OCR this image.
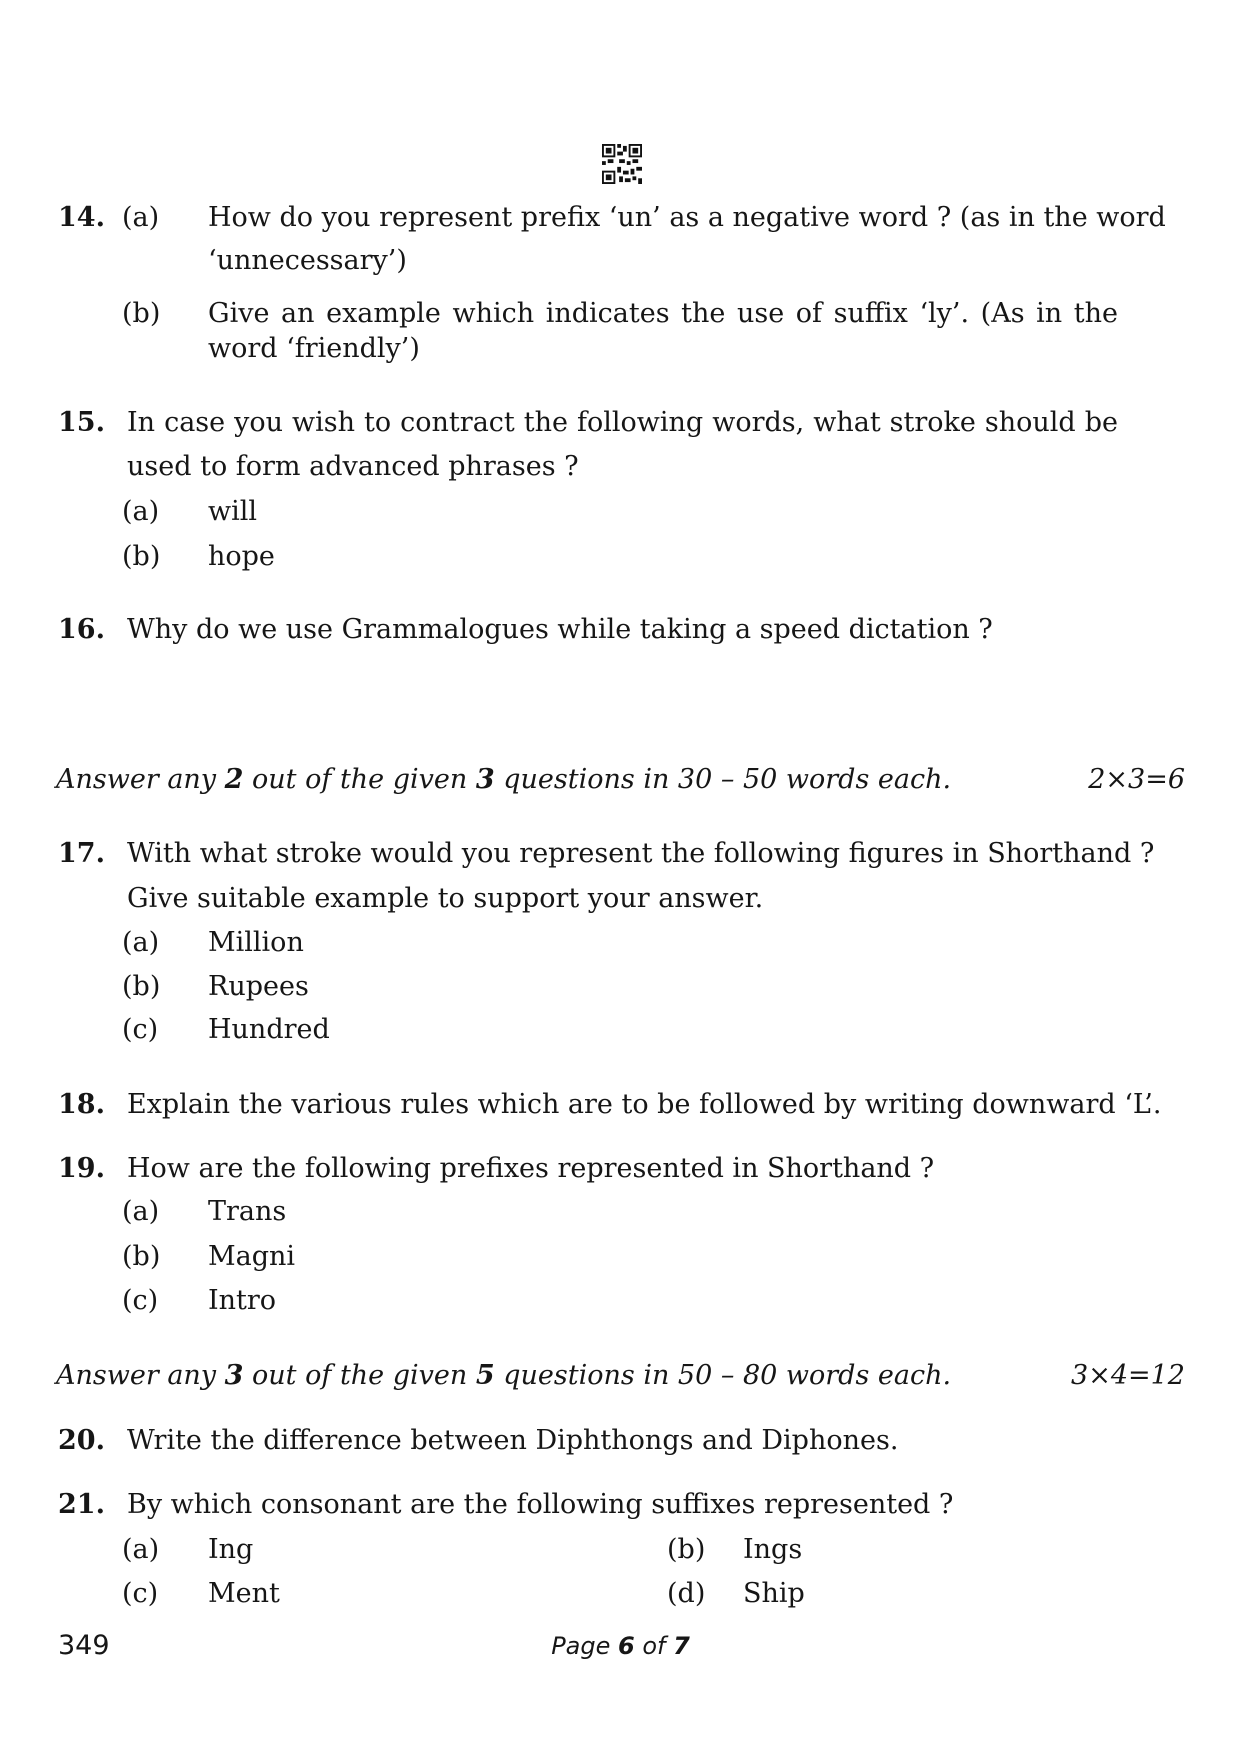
14. (a) How do you represent prefix ‘un’ as a negative word ? (as in the word
‘unnecessary’)
(b) Give an example which indicates the use of suffix ‘ly’. (As in the
word ‘friendly’)
15. In case you wish to contract the following words, what stroke should be
used to form advanced phrases ?
(a) will
(b) hope
16. Why do we use Grammalogues while taking a speed dictation ?
Answer any 2 out of the given 3 questions in 30 – 50 words each.	2×3=6
17. With what stroke would you represent the following figures in Shorthand ?
Give suitable example to support your answer.
(a) Million
(b) Rupees
(c) Hundred
18. Explain the various rules which are to be followed by writing downward ‘L’.
19. How are the following prefixes represented in Shorthand ?
(a) Trans
(b) Magni
(c) Intro
Answer any 3 out of the given 5 questions in 50 – 80 words each.	3×4=12
20. Write the difference between Diphthongs and Diphones.
21. By which consonant are the following suffixes represented ?
(a) Ing	(b) Ings
(c) Ment	(d) Ship
349	Page 6 of 7
